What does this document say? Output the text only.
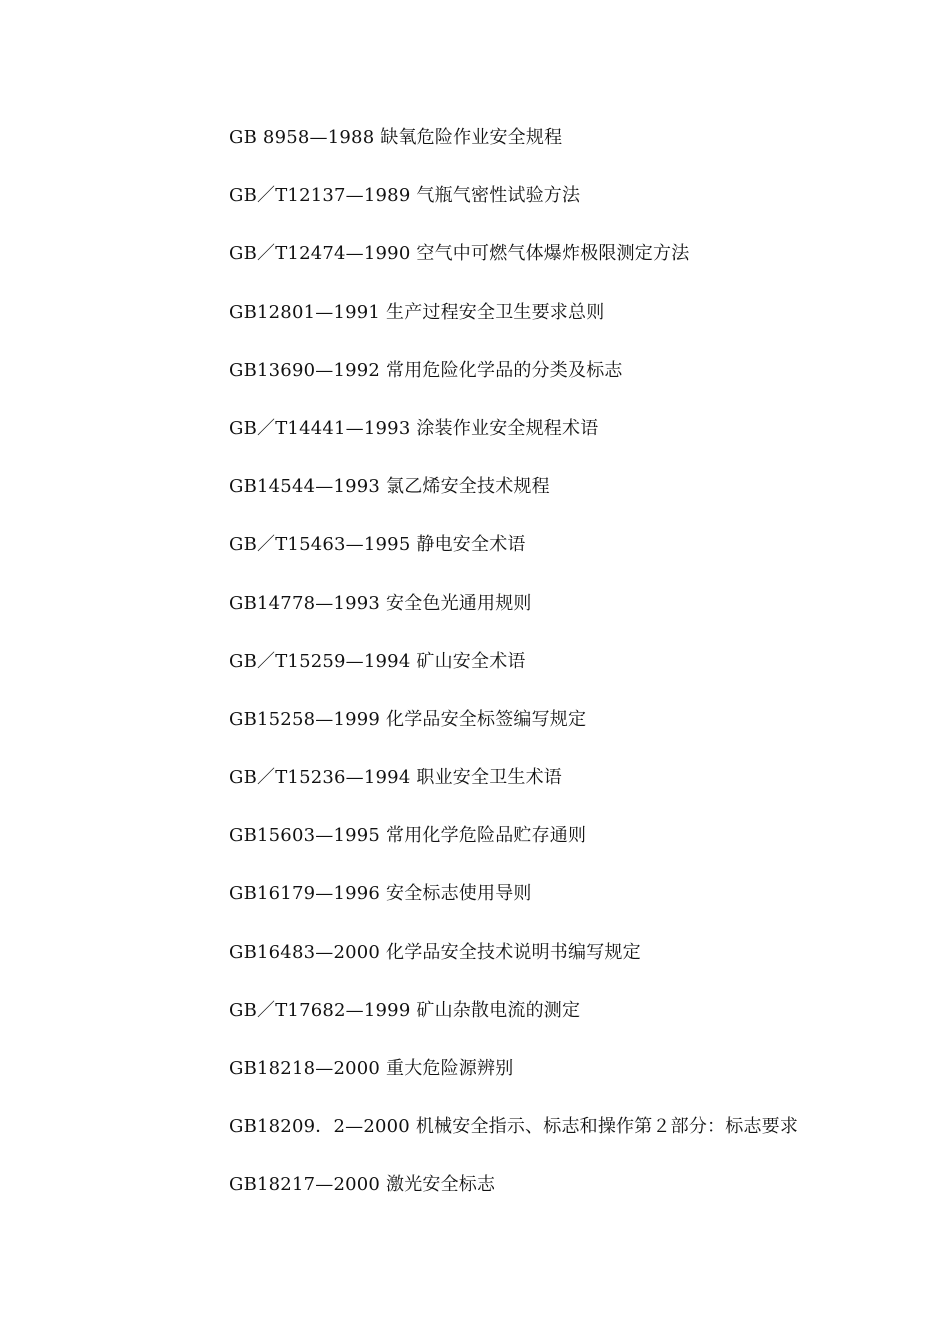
GB 8958—1988 缺氧危险作业安全规程
GB／T12137—1989 气瓶气密性试验方法
GB／T12474—1990 空气中可燃气体爆炸极限测定方法
GB12801—1991 生产过程安全卫生要求总则
GB13690—1992 常用危险化学品的分类及标志
GB／T14441—1993 涂装作业安全规程术语
GB14544—1993 氯乙烯安全技术规程
GB／T15463—1995 静电安全术语
GB14778—1993 安全色光通用规则
GB／T15259—1994 矿山安全术语
GB15258—1999 化学品安全标签编写规定
GB／T15236—1994 职业安全卫生术语
GB15603—1995 常用化学危险品贮存通则
GB16179—1996 安全标志使用导则
GB16483—2000 化学品安全技术说明书编写规定
GB／T17682—1999 矿山杂散电流的测定
GB18218—2000 重大危险源辨别
GB18209．2—2000 机械安全指示、标志和操作第２部分：标志要求
GB18217—2000 激光安全标志
